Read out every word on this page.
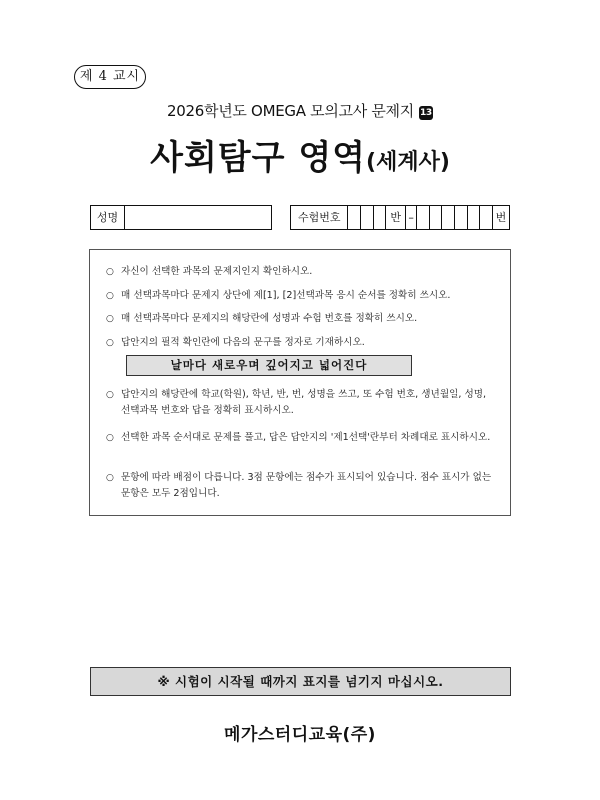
제 4 교시
2026학년도 OMEGA 모의고사 문제지 13
사회탐구 영역(세계사)
성명	수험번호	반 –	번
○ 자신이 선택한 과목의 문제지인지 확인하시오.
○ 매 선택과목마다 문제지 상단에 제[1], [2]선택과목 응시 순서를 정확히 쓰시오.
○ 매 선택과목마다 문제지의 해당란에 성명과 수험 번호를 정확히 쓰시오.
○ 답안지의 필적 확인란에 다음의 문구를 정자로 기재하시오.
날마다 새로우며 깊어지고 넓어진다
○ 답안지의 해당란에 학교(학원), 학년, 반, 번, 성명을 쓰고, 또 수험 번호, 생년월일, 성명, 선택과목 번호와 답을 정확히 표시하시오.
○ 선택한 과목 순서대로 문제를 풀고, 답은 답안지의 '제1선택'란부터 차례대로 표시하시오.
○ 문항에 따라 배점이 다릅니다. 3점 문항에는 점수가 표시되어 있습니다. 점수 표시가 없는 문항은 모두 2점입니다.
※ 시험이 시작될 때까지 표지를 넘기지 마십시오.
메가스터디교육(주)
